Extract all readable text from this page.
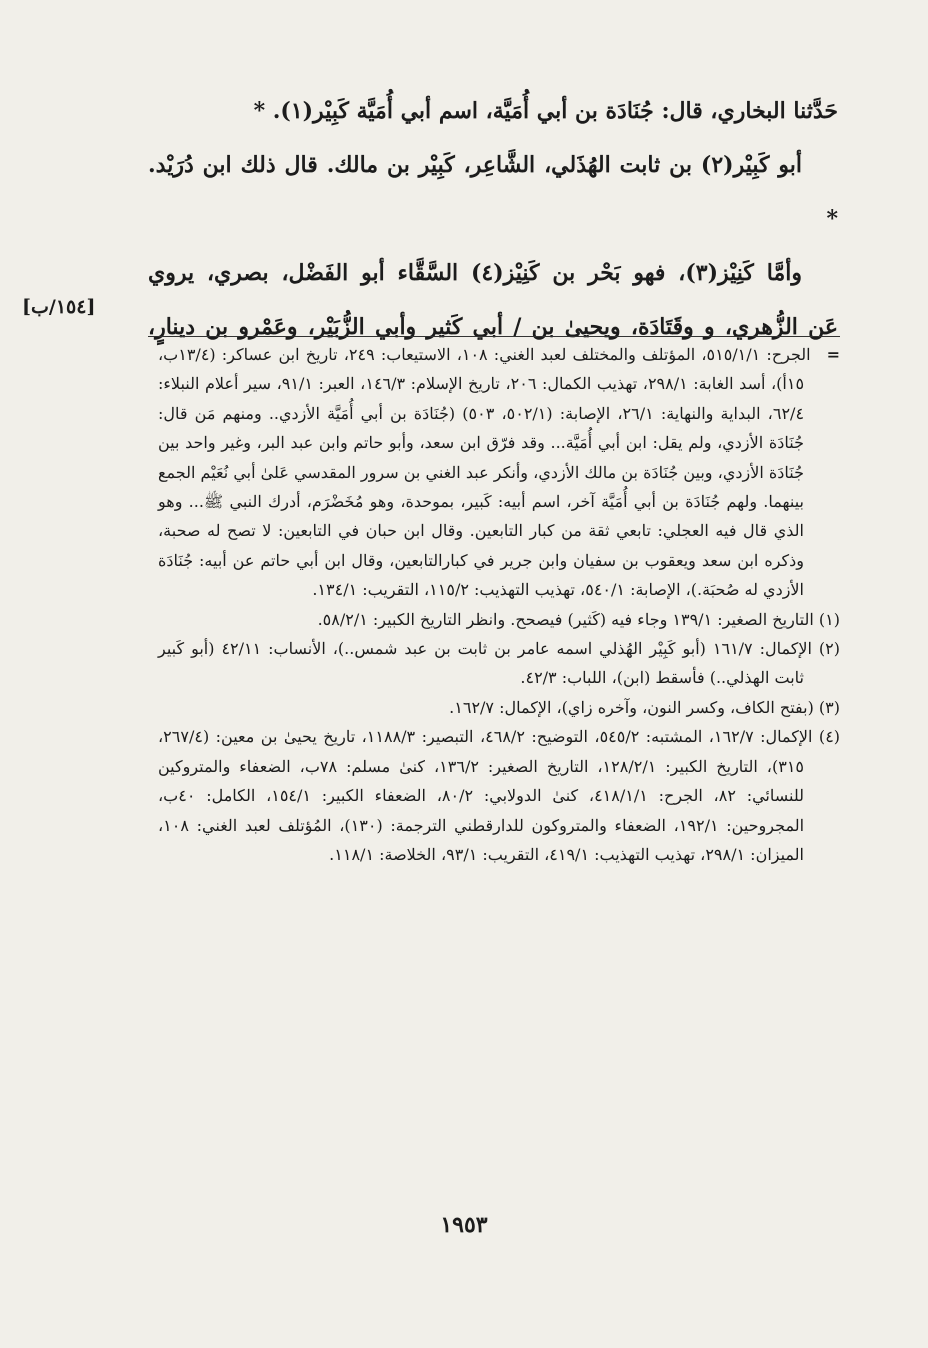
حَدَّثنا البخاري، قال: جُنَادَة بن أبي أُمَيَّة، اسم أبي أُمَيَّة كَبِيْر(١). *

أبو كَبِيْر(٢) بن ثابت الهُذَلي، الشَّاعِر، كَبِيْر بن مالك. قال ذلك ابن دُرَيْد. *

وأمَّا كَنِيْز(٣)، فهو بَحْر بن كَنِيْز(٤) السَّقَّاء أبو الفَضْل، بصري، يروي

عَن الزُّهري، و وقَتَادَة، ويحيىٰ بن / أبي كَثير وأبي الزُّبَيْر، وعَمْرو بن دينارٍ،

[١٥٤/ب]

= الجرح: ٥١٥/١/١، المؤتلف والمختلف لعبد الغني: ١٠٨، الاستيعاب: ٢٤٩، تاريخ ابن عساكر: (١٣/٤ب، ١٥أ)، أسد الغابة: ٢٩٨/١، تهذيب الكمال: ٢٠٦، تاريخ الإسلام: ١٤٦/٣، العبر: ٩١/١، سير أعلام النبلاء: ٦٢/٤، البداية والنهاية: ٢٦/١، الإصابة: (٥٠٢/١، ٥٠٣) (جُنَادَة بن أبي أُمَيَّة الأزدي.. ومنهم مَن قال: جُنَادَة الأزدي، ولم يقل: ابن أبي أُمَيَّة... وقد فرّق ابن سعد، وأبو حاتم وابن عبد البر، وغير واحد بين جُنَادَة الأزدي، وبين جُنَادَة بن مالك الأزدي، وأنكر عبد الغني بن سرور المقدسي عَلىٰ أبي نُعَيْم الجمع بينهما. ولهم جُنَادَة بن أبي أُمَيَّة آخر، اسم أبيه: كَبير، بموحدة، وهو مُخَضْرَم، أدرك النبي ﷺ... وهو الذي قال فيه العجلي: تابعي ثقة من كبار التابعين. وقال ابن حبان في التابعين: لا تصح له صحبة، وذكره ابن سعد ويعقوب بن سفيان وابن جرير في كبارالتابعين، وقال ابن أبي حاتم عن أبيه: جُنَادَة الأزدي له صُحبَة.)، الإصابة: ٥٤٠/١، تهذيب التهذيب: ١١٥/٢، التقريب: ١٣٤/١.

(١) التاريخ الصغير: ١٣٩/١ وجاء فيه (كَثير) فيصحح. وانظر التاريخ الكبير: ٥٨/٢/١.

(٢) الإكمال: ١٦١/٧ (أبو كَبِيْر الهُذلي اسمه عامر بن ثابت بن عبد شمس..)، الأنساب: ٤٢/١١ (أبو كَبير ثابت الهذلي..) فأسقط (ابن)، اللباب: ٤٢/٣.

(٣) (بفتح الكاف، وكسر النون، وآخره زاي)، الإكمال: ١٦٢/٧.

(٤) الإكمال: ١٦٢/٧، المشتبه: ٥٤٥/٢، التوضيح: ٤٦٨/٢، التبصير: ١١٨٨/٣، تاريخ يحيىٰ بن معين: (٢٦٧/٤، ٣١٥)، التاريخ الكبير: ١٢٨/٢/١، التاريخ الصغير: ١٣٦/٢، كنىٰ مسلم: ٧٨ب، الضعفاء والمتروكين للنسائي: ٨٢، الجرح: ٤١٨/١/١، كنىٰ الدولابي: ٨٠/٢، الضعفاء الكبير: ١٥٤/١، الكامل: ٤٠ب، المجروحين: ١٩٢/١، الضعفاء والمتروكون للدارقطني الترجمة: (١٣٠)، المُؤتلف لعبد الغني: ١٠٨، الميزان: ٢٩٨/١، تهذيب التهذيب: ٤١٩/١، التقريب: ٩٣/١، الخلاصة: ١١٨/١.

١٩٥٣
